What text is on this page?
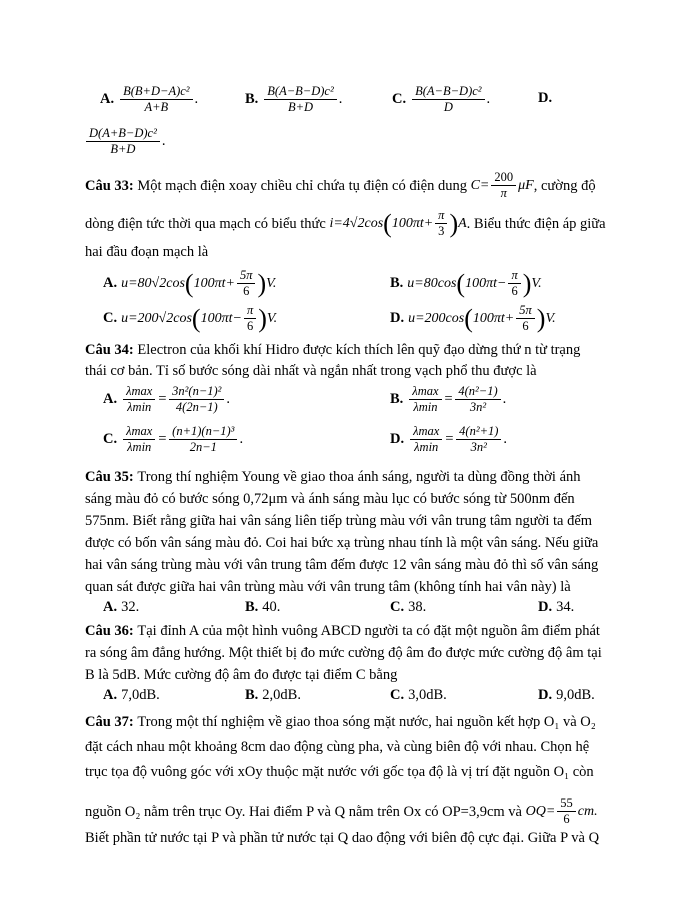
A. $\frac{\text{B(B+D−A)c²}}{A+B}$ .	B. $\frac{\text{B(A−B−D)c²}}{B+D}$ .	C. $\frac{\text{B(A−B−D)c²}}{D}$ .	D.
$\frac{\text{D(A+B−D)c²}}{B+D}$ .
Câu 33:
Một mạch điện xoay chiều chỉ chứa tụ điện có điện dung
$C= \frac{200}{\pi}$ μF , cường độ
dòng điện tức thời qua mạch có biểu thức
i=4√2cos ( $100\pi t+ \frac{\pi}{3}$ ) A . Biểu thức điện áp giữa
hai đầu đoạn mạch là
A. u=80√2cos ( $100\pi t+ \frac{5\pi}{6}$ ) V.	B. u=80cos ( $100\pi t- \frac{\pi}{6}$ ) V.
C. u=200√2cos ( $100\pi t- \frac{\pi}{6}$ ) V.	D. u=200cos ( $100\pi t+ \frac{5\pi}{6}$ ) V.
Câu 34: Electron của khối khí Hidro được kích thích lên quỹ đạo dừng thứ n từ trạng
thái cơ bản. Tỉ số bước sóng dài nhất và ngắn nhất trong vạch phổ thu được là
A. $\frac{\lambda\max}{\lambda\min} = \frac{\text{3n²(n−1)²}}{4(2n-1)}$ .	B. $\frac{\lambda\max}{\lambda\min} = \frac{\text{4(n²−1)}}{\text{3n²}}$ .
C. $\frac{\lambda\max}{\lambda\min} = \frac{\text{(n+1)(n−1)³}}{2n-1}$ .	D. $\frac{\lambda\max}{\lambda\min} = \frac{\text{4(n²+1)}}{\text{3n²}}$ .
Câu 35: Trong thí nghiệm Young về giao thoa ánh sáng, người ta dùng đồng thời ánh
sáng màu đỏ có bước sóng 0,72μm và ánh sáng màu lục có bước sóng từ 500nm đến
575nm. Biết rằng giữa hai vân sáng liên tiếp trùng màu với vân trung tâm người ta đếm
được có bốn vân sáng màu đỏ. Coi hai bức xạ trùng nhau tính là một vân sáng. Nếu giữa
hai vân sáng trùng màu với vân trung tâm đếm được 12 vân sáng màu đỏ thì số vân sáng
quan sát được giữa hai vân trùng màu với vân trung tâm (không tính hai vân này) là
A. 32.	B. 40.	C. 38.	D. 34.
Câu 36: Tại đỉnh A của một hình vuông ABCD người ta có đặt một nguồn âm điểm phát
ra sóng âm đẳng hướng. Một thiết bị đo mức cường độ âm đo được mức cường độ âm tại
B là 5dB. Mức cường độ âm đo được tại điểm C bằng
A. 7,0dB.	B. 2,0dB.	C. 3,0dB.	D. 9,0dB.
Câu 37: Trong một thí nghiệm về giao thoa sóng mặt nước, hai nguồn kết hợp O₁ và O₂
đặt cách nhau một khoảng 8cm dao động cùng pha, và cùng biên độ với nhau. Chọn hệ
trục tọa độ vuông góc với xOy thuộc mặt nước với gốc tọa độ là vị trí đặt nguồn O₁ còn
nguồn O₂ nằm trên trục Oy. Hai điểm P và Q nằm trên Ox có OP=3,9cm và
$OQ= \frac{55}{6}$ cm.
Biết phần tử nước tại P và phần tử nước tại Q dao động với biên độ cực đại. Giữa P và Q
